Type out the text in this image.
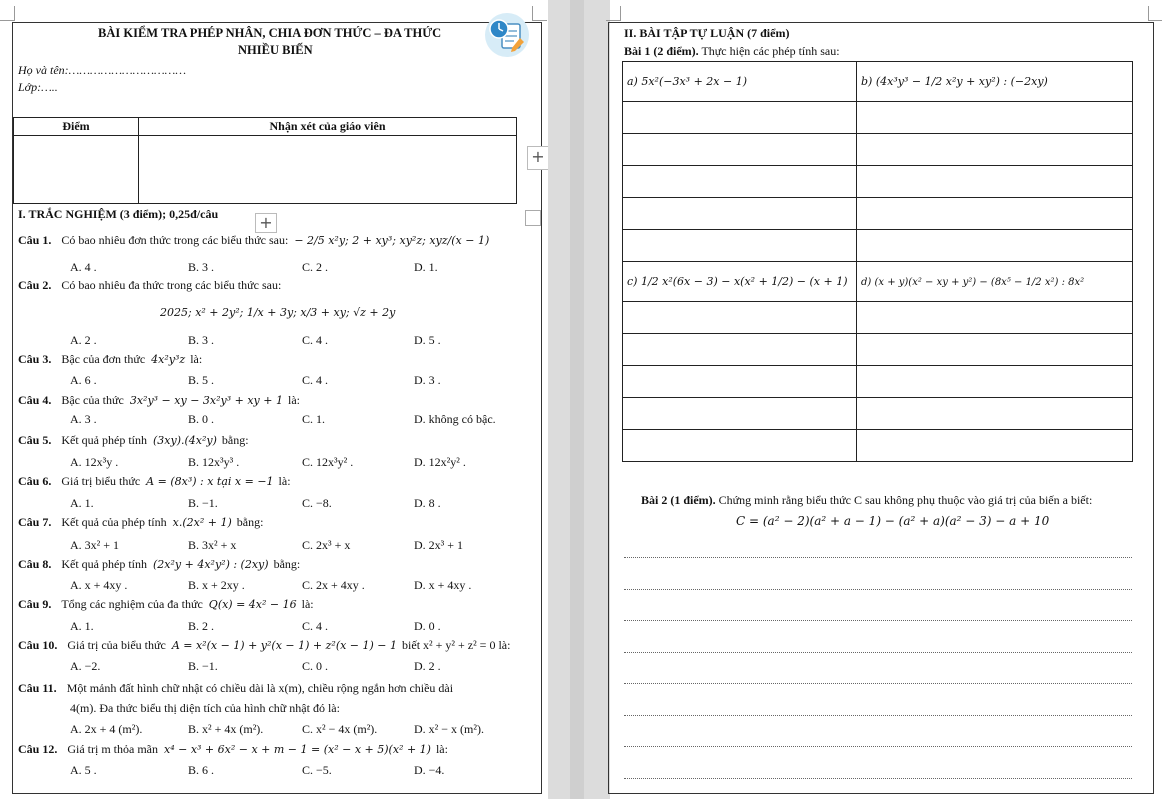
BÀI KIỂM TRA PHÉP NHÂN, CHIA ĐƠN THỨC – ĐA THỨC
NHIỀU BIẾN
Họ và tên:……………………………
Lớp:…..
Điểm	Nhận xét của giáo viên

+
+
I. TRẮC NGHIỆM (3 điểm); 0,25đ/câu
Câu 1. Có bao nhiêu đơn thức trong các biểu thức sau: − 2/5 x²y; 2 + xy³; xy²z; xyz/(x − 1)
A. 4 .	B. 3 .	C. 2 .	D. 1.
Câu 2. Có bao nhiêu đa thức trong các biểu thức sau:
2025; x² + 2y²; 1/x + 3y; x/3 + xy; √z + 2y
A. 2 .	B. 3 .	C. 4 .	D. 5 .
Câu 3. Bậc của đơn thức 4x²y³z là:
A. 6 .	B. 5 .	C. 4 .	D. 3 .
Câu 4. Bậc của thức 3x²y³ − xy − 3x²y³ + xy + 1 là:
A. 3 .	B. 0 .	C. 1.	D. không có bậc.
Câu 5. Kết quả phép tính (3xy).(4x²y) bằng:
A. 12x³y .	B. 12x³y³ .	C. 12x³y² .	D. 12x²y² .
Câu 6. Giá trị biểu thức A = (8x³) : x tại x = −1 là:
A. 1.	B. −1.	C. −8.	D. 8 .
Câu 7. Kết quả của phép tính x.(2x² + 1) bằng:
A. 3x² + 1	B. 3x² + x	C. 2x³ + x	D. 2x³ + 1
Câu 8. Kết quả phép tính (2x²y + 4x²y²) : (2xy) bằng:
A. x + 4xy .	B. x + 2xy .	C. 2x + 4xy .	D. x + 4xy .
Câu 9. Tổng các nghiệm của đa thức Q(x) = 4x² − 16 là:
A. 1.	B. 2 .	C. 4 .	D. 0 .
Câu 10. Giá trị của biểu thức A = x²(x − 1) + y²(x − 1) + z²(x − 1) − 1 biết x² + y² + z² = 0 là:
A. −2.	B. −1.	C. 0 .	D. 2 .
Câu 11. Một mảnh đất hình chữ nhật có chiều dài là x(m), chiều rộng ngắn hơn chiều dài
4(m). Đa thức biểu thị diện tích của hình chữ nhật đó là:
A. 2x + 4 (m²).	B. x² + 4x (m²).	C. x² − 4x (m²).	D. x² − x (m²).
Câu 12. Giá trị m thỏa mãn x⁴ − x³ + 6x² − x + m − 1 = (x² − x + 5)(x² + 1) là:
A. 5 .	B. 6 .	C. −5.	D. −4.
II. BÀI TẬP TỰ LUẬN (7 điểm)
Bài 1 (2 điểm). Thực hiện các phép tính sau:
a) 5x²(−3x³ + 2x − 1)	b) (4x³y³ − 1/2 x²y + xy²) : (−2xy)

c) 1/2 x²(6x − 3) − x(x² + 1/2) − (x + 1)	d) (x + y)(x² − xy + y²) − (8x⁵ − 1/2 x²) : 8x²

Bài 2 (1 điểm). Chứng minh rằng biểu thức C sau không phụ thuộc vào giá trị của biến a biết:
C = (a² − 2)(a² + a − 1) − (a² + a)(a² − 3) − a + 10
